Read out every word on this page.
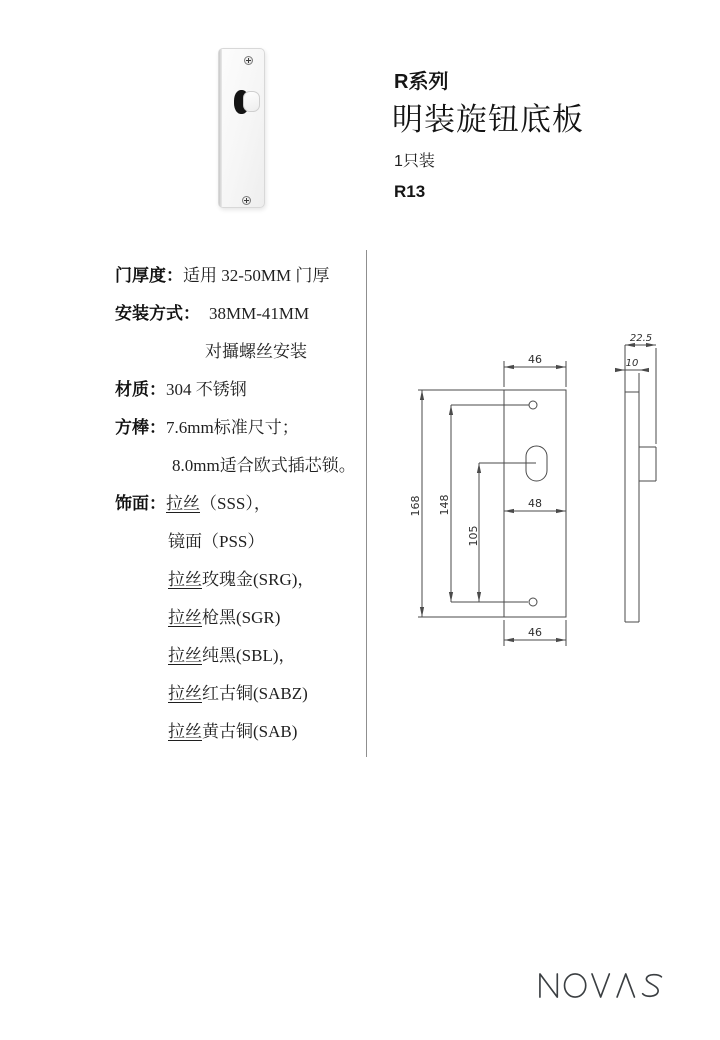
R系列
明装旋钮底板
1只装
R13
门厚度：适用 32-50MM 门厚
安装方式： 38MM-41MM
对攝螺丝安装
材质：304 不锈钢
方棒：7.6mm标准尺寸；
8.0mm适合欧式插芯锁。
饰面：拉丝（SSS），
镜面（PSS）
拉丝玫瑰金(SRG)，
拉丝枪黑(SGR)
拉丝纯黑(SBL)，
拉丝红古铜(SABZ)
拉丝黄古铜(SAB)
46
46
48
168 148
105
22.5
10
